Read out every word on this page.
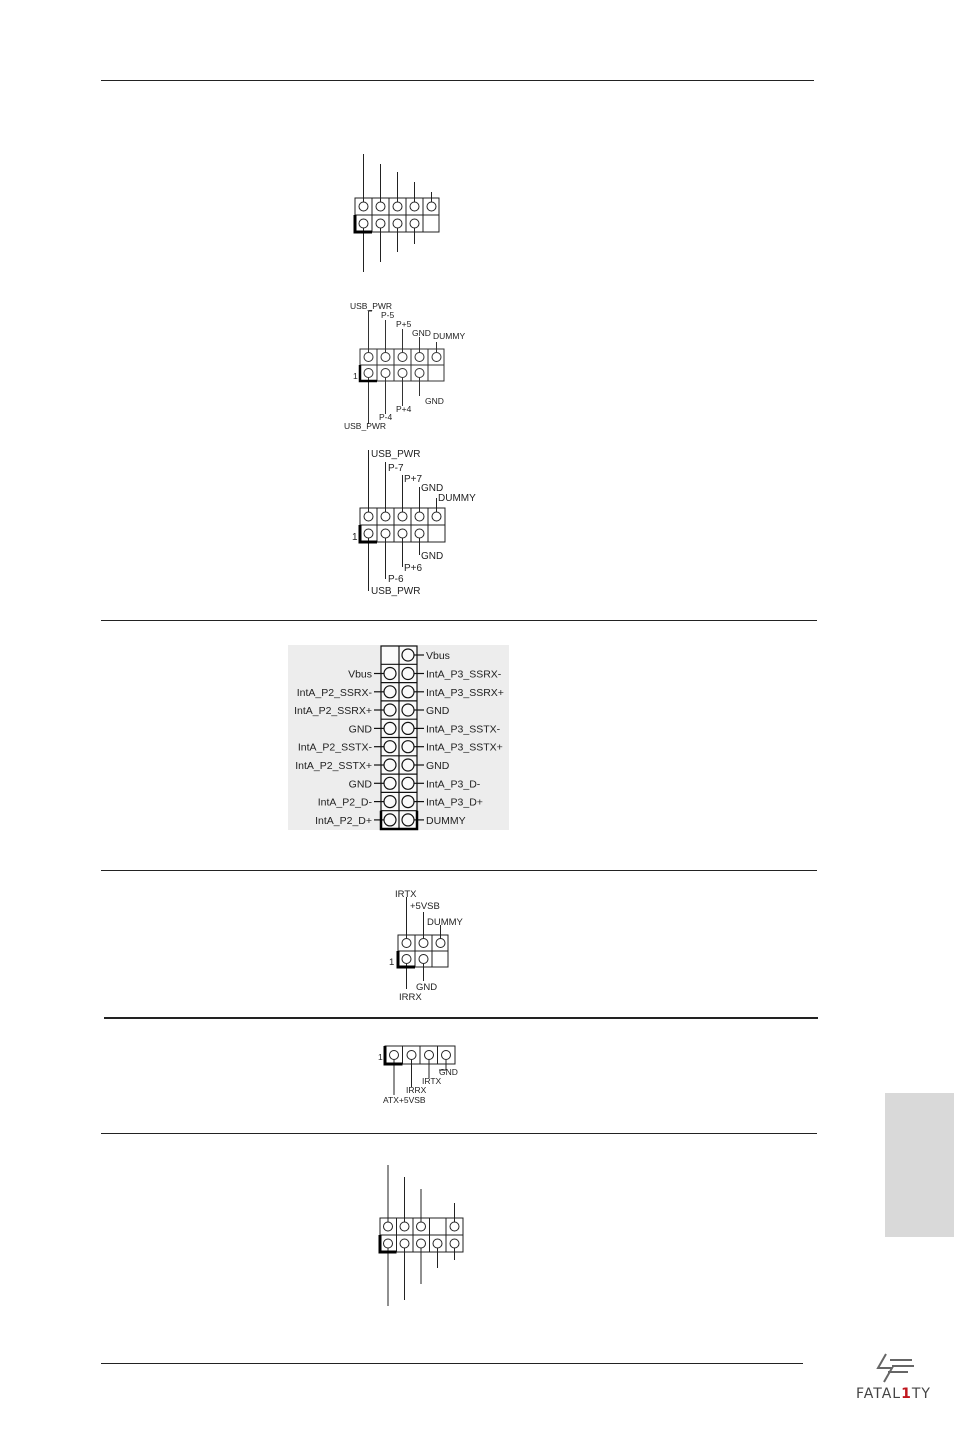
USB_PWR
P-5
P+5
GND DUMMY
1
GND
P+4
P-4
USB_PWR
USB_PWR
P-7
P+7
GND
DUMMY
1
GND
P+6
P-6
USB_PWR
Vbus
IntA_P3_SSRX-
IntA_P3_SSRX+
GND
IntA_P3_SSTX-
IntA_P3_SSTX+
GND
IntA_P3_D-
IntA_P3_D+
DUMMY
Vbus
IntA_P2_SSRX-
IntA_P2_SSRX+
GND
IntA_P2_SSTX-
IntA_P2_SSTX+
GND
IntA_P2_D-
IntA_P2_D+
IRTX
+5VSB
DUMMY
1
GND
IRRX
1
GND
IRTX
IRRX
ATX+5VSB
FATAL1TY
